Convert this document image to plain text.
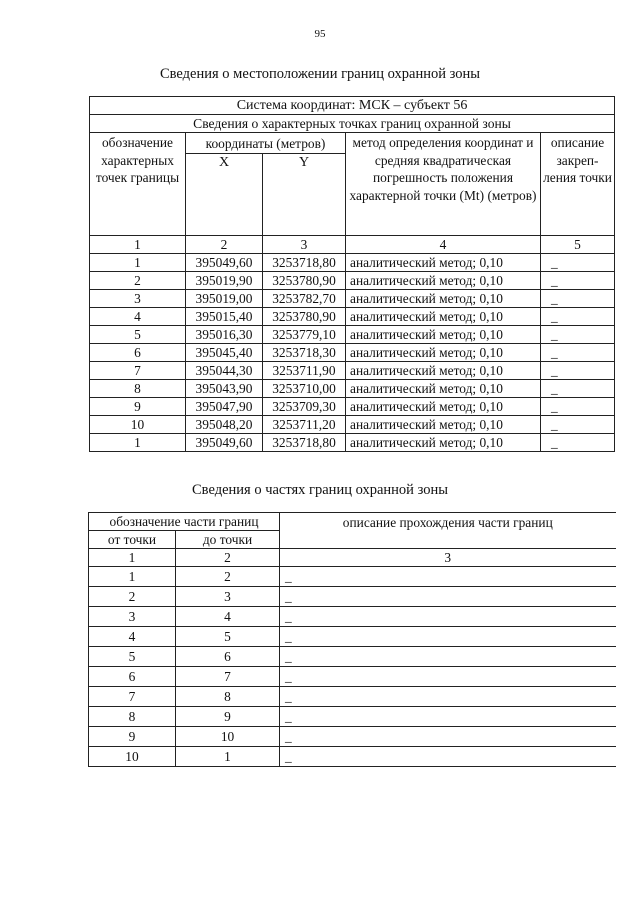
95
Сведения о местоположении границ охранной зоны
Система координат: МСК – субъект 56				
Сведения о характерных точках границ охранной зоны				
обозначение характерных точек границы	координаты (метров)		метод определения координат и средняя квадратическая погрешность положения характерной точки (Mt) (метров)	описание закреп-ления точки
	X	Y		
1	2	3	4	5
1	395049,60	3253718,80	аналитический метод; 0,10	_
2	395019,90	3253780,90	аналитический метод; 0,10	_
3	395019,00	3253782,70	аналитический метод; 0,10	_
4	395015,40	3253780,90	аналитический метод; 0,10	_
5	395016,30	3253779,10	аналитический метод; 0,10	_
6	395045,40	3253718,30	аналитический метод; 0,10	_
7	395044,30	3253711,90	аналитический метод; 0,10	_
8	395043,90	3253710,00	аналитический метод; 0,10	_
9	395047,90	3253709,30	аналитический метод; 0,10	_
10	395048,20	3253711,20	аналитический метод; 0,10	_
1	395049,60	3253718,80	аналитический метод; 0,10	_
Сведения о частях границ охранной зоны
обозначение части границ		описание прохождения части границ
от точки	до точки	
1	2	3
1	2	_
2	3	_
3	4	_
4	5	_
5	6	_
6	7	_
7	8	_
8	9	_
9	10	_
10	1	_
